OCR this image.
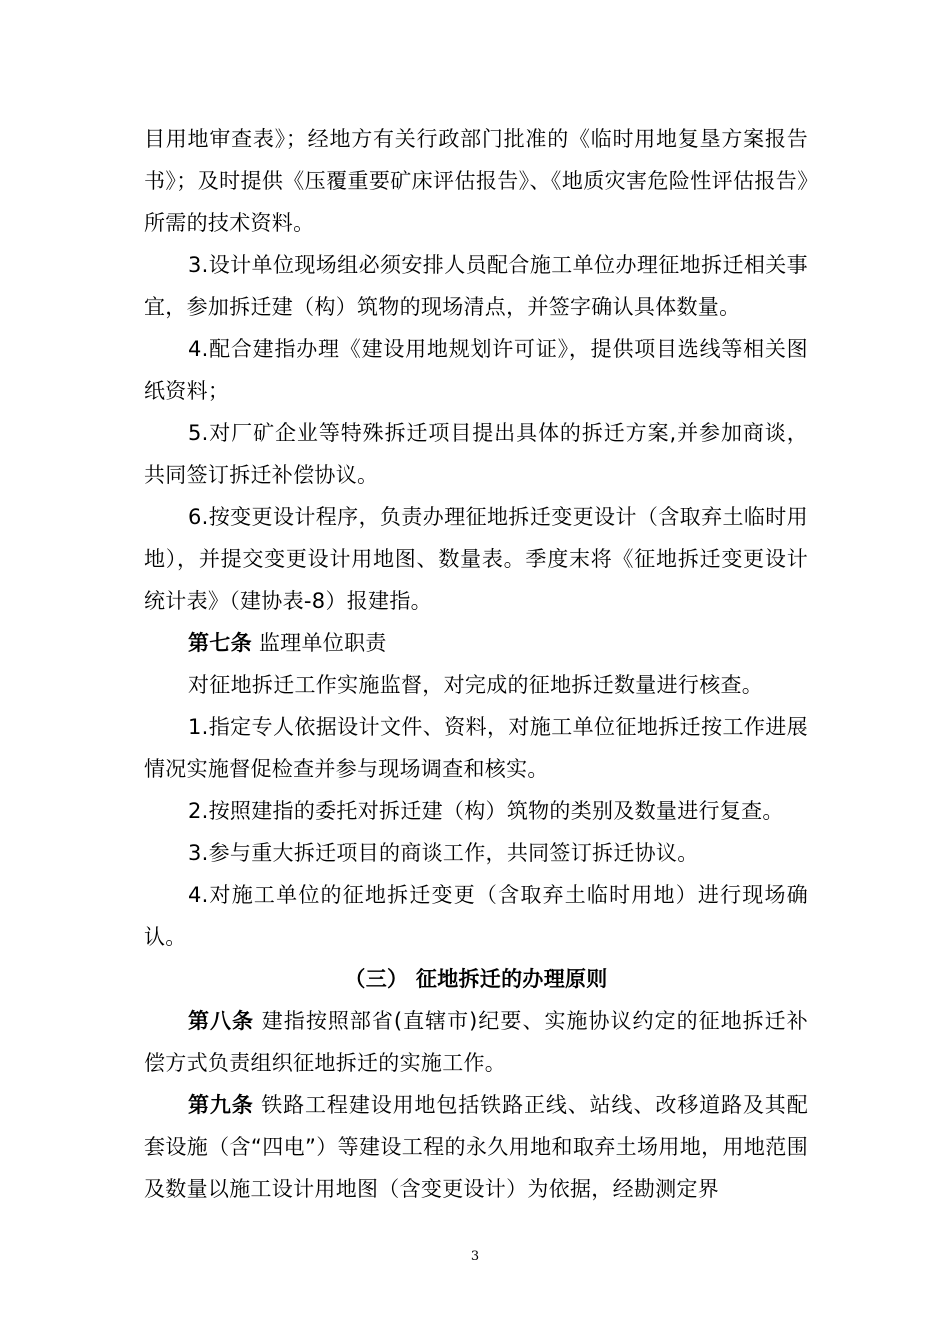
目用地审查表》；经地方有关行政部门批准的《临时用地复垦方案报告书》；及时提供《压覆重要矿床评估报告》、《地质灾害危险性评估报告》所需的技术资料。

3.设计单位现场组必须安排人员配合施工单位办理征地拆迁相关事宜，参加拆迁建（构）筑物的现场清点，并签字确认具体数量。

4.配合建指办理《建设用地规划许可证》，提供项目选线等相关图纸资料；

5.对厂矿企业等特殊拆迁项目提出具体的拆迁方案,并参加商谈，共同签订拆迁补偿协议。

6.按变更设计程序，负责办理征地拆迁变更设计（含取弃土临时用地），并提交变更设计用地图、数量表。季度末将《征地拆迁变更设计统计表》（建协表-8）报建指。

第七条 监理单位职责

对征地拆迁工作实施监督，对完成的征地拆迁数量进行核查。

1.指定专人依据设计文件、资料，对施工单位征地拆迁按工作进展情况实施督促检查并参与现场调查和核实。

2.按照建指的委托对拆迁建（构）筑物的类别及数量进行复查。

3.参与重大拆迁项目的商谈工作，共同签订拆迁协议。

4.对施工单位的征地拆迁变更（含取弃土临时用地）进行现场确认。

（三） 征地拆迁的办理原则

第八条 建指按照部省(直辖市)纪要、实施协议约定的征地拆迁补偿方式负责组织征地拆迁的实施工作。

第九条 铁路工程建设用地包括铁路正线、站线、改移道路及其配套设施（含“四电”）等建设工程的永久用地和取弃土场用地，用地范围及数量以施工设计用地图（含变更设计）为依据，经勘测定界

3
